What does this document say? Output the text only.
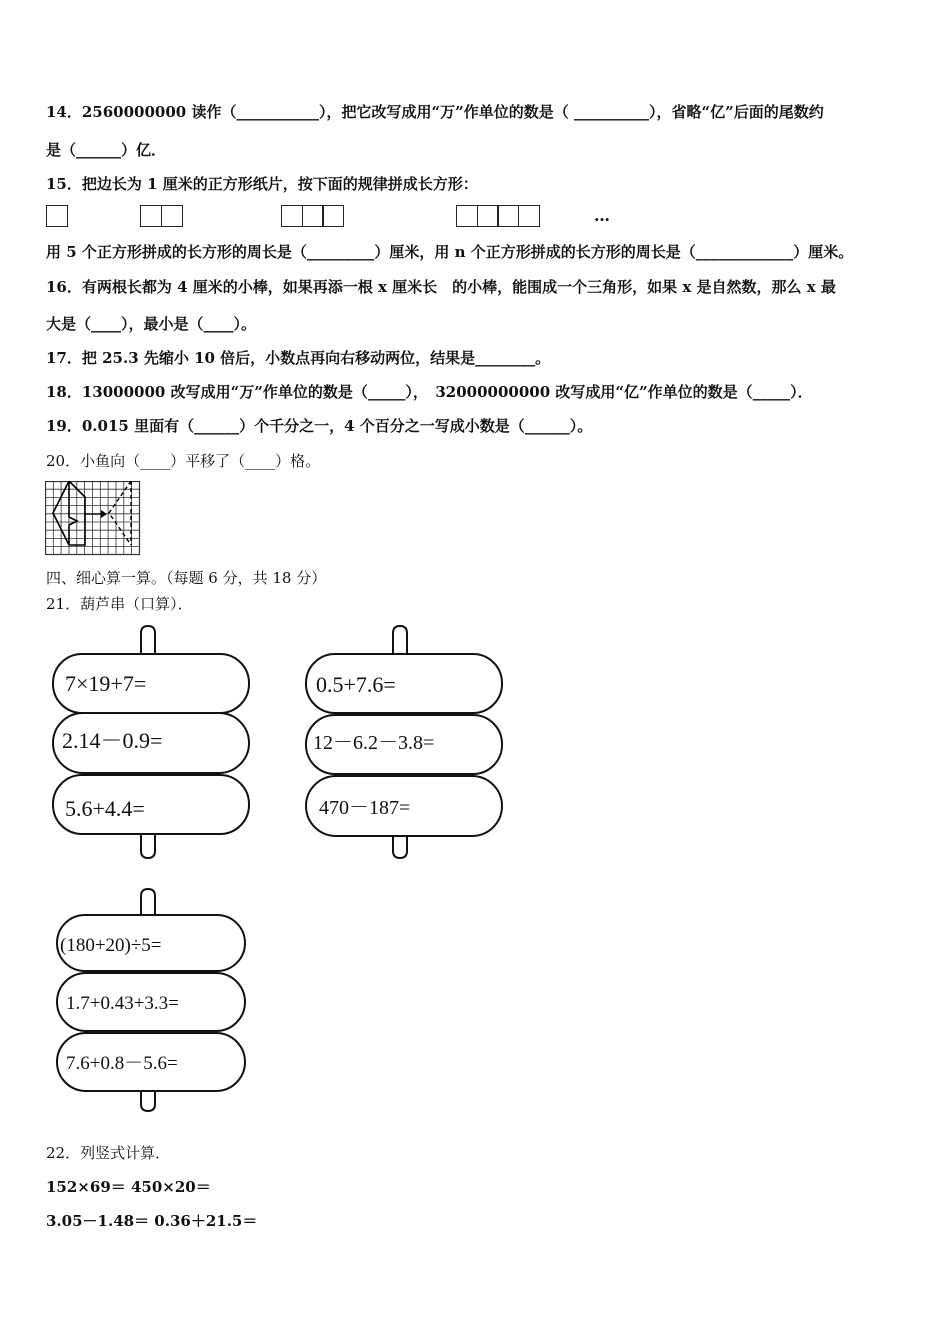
14．2560000000 读作（___________），把它改写成用“万”作单位的数是（ __________），省略“亿”后面的尾数约
是（______）亿．
15．把边长为 1 厘米的正方形纸片，按下面的规律拼成长方形：
…
用 5 个正方形拼成的长方形的周长是（_________）厘米，用 n 个正方形拼成的长方形的周长是（_____________）厘米。
16．有两根长都为 4 厘米的小棒，如果再添一根 x 厘米长　的小棒，能围成一个三角形，如果 x 是自然数，那么 x 最
大是（____），最小是（____）。
17．把 25.3 先缩小 10 倍后，小数点再向右移动两位，结果是________。
18．13000000 改写成用“万”作单位的数是（_____），　32000000000 改写成用“亿”作单位的数是（_____）．
19．0.015 里面有（______）个千分之一，4 个百分之一写成小数是（______）。
20．小鱼向（____）平移了（____）格。
四、细心算一算。（每题 6 分，共 18 分）
21．葫芦串（口算）．
7×19+7=
2.14－0.9=
5.6+4.4=
0.5+7.6=
12－6.2－3.8=
470－187=
(180+20)÷5=
1.7+0.43+3.3=
7.6+0.8－5.6=
22．列竖式计算．
152×69＝ 450×20＝
3.05－1.48＝ 0.36＋21.5＝
